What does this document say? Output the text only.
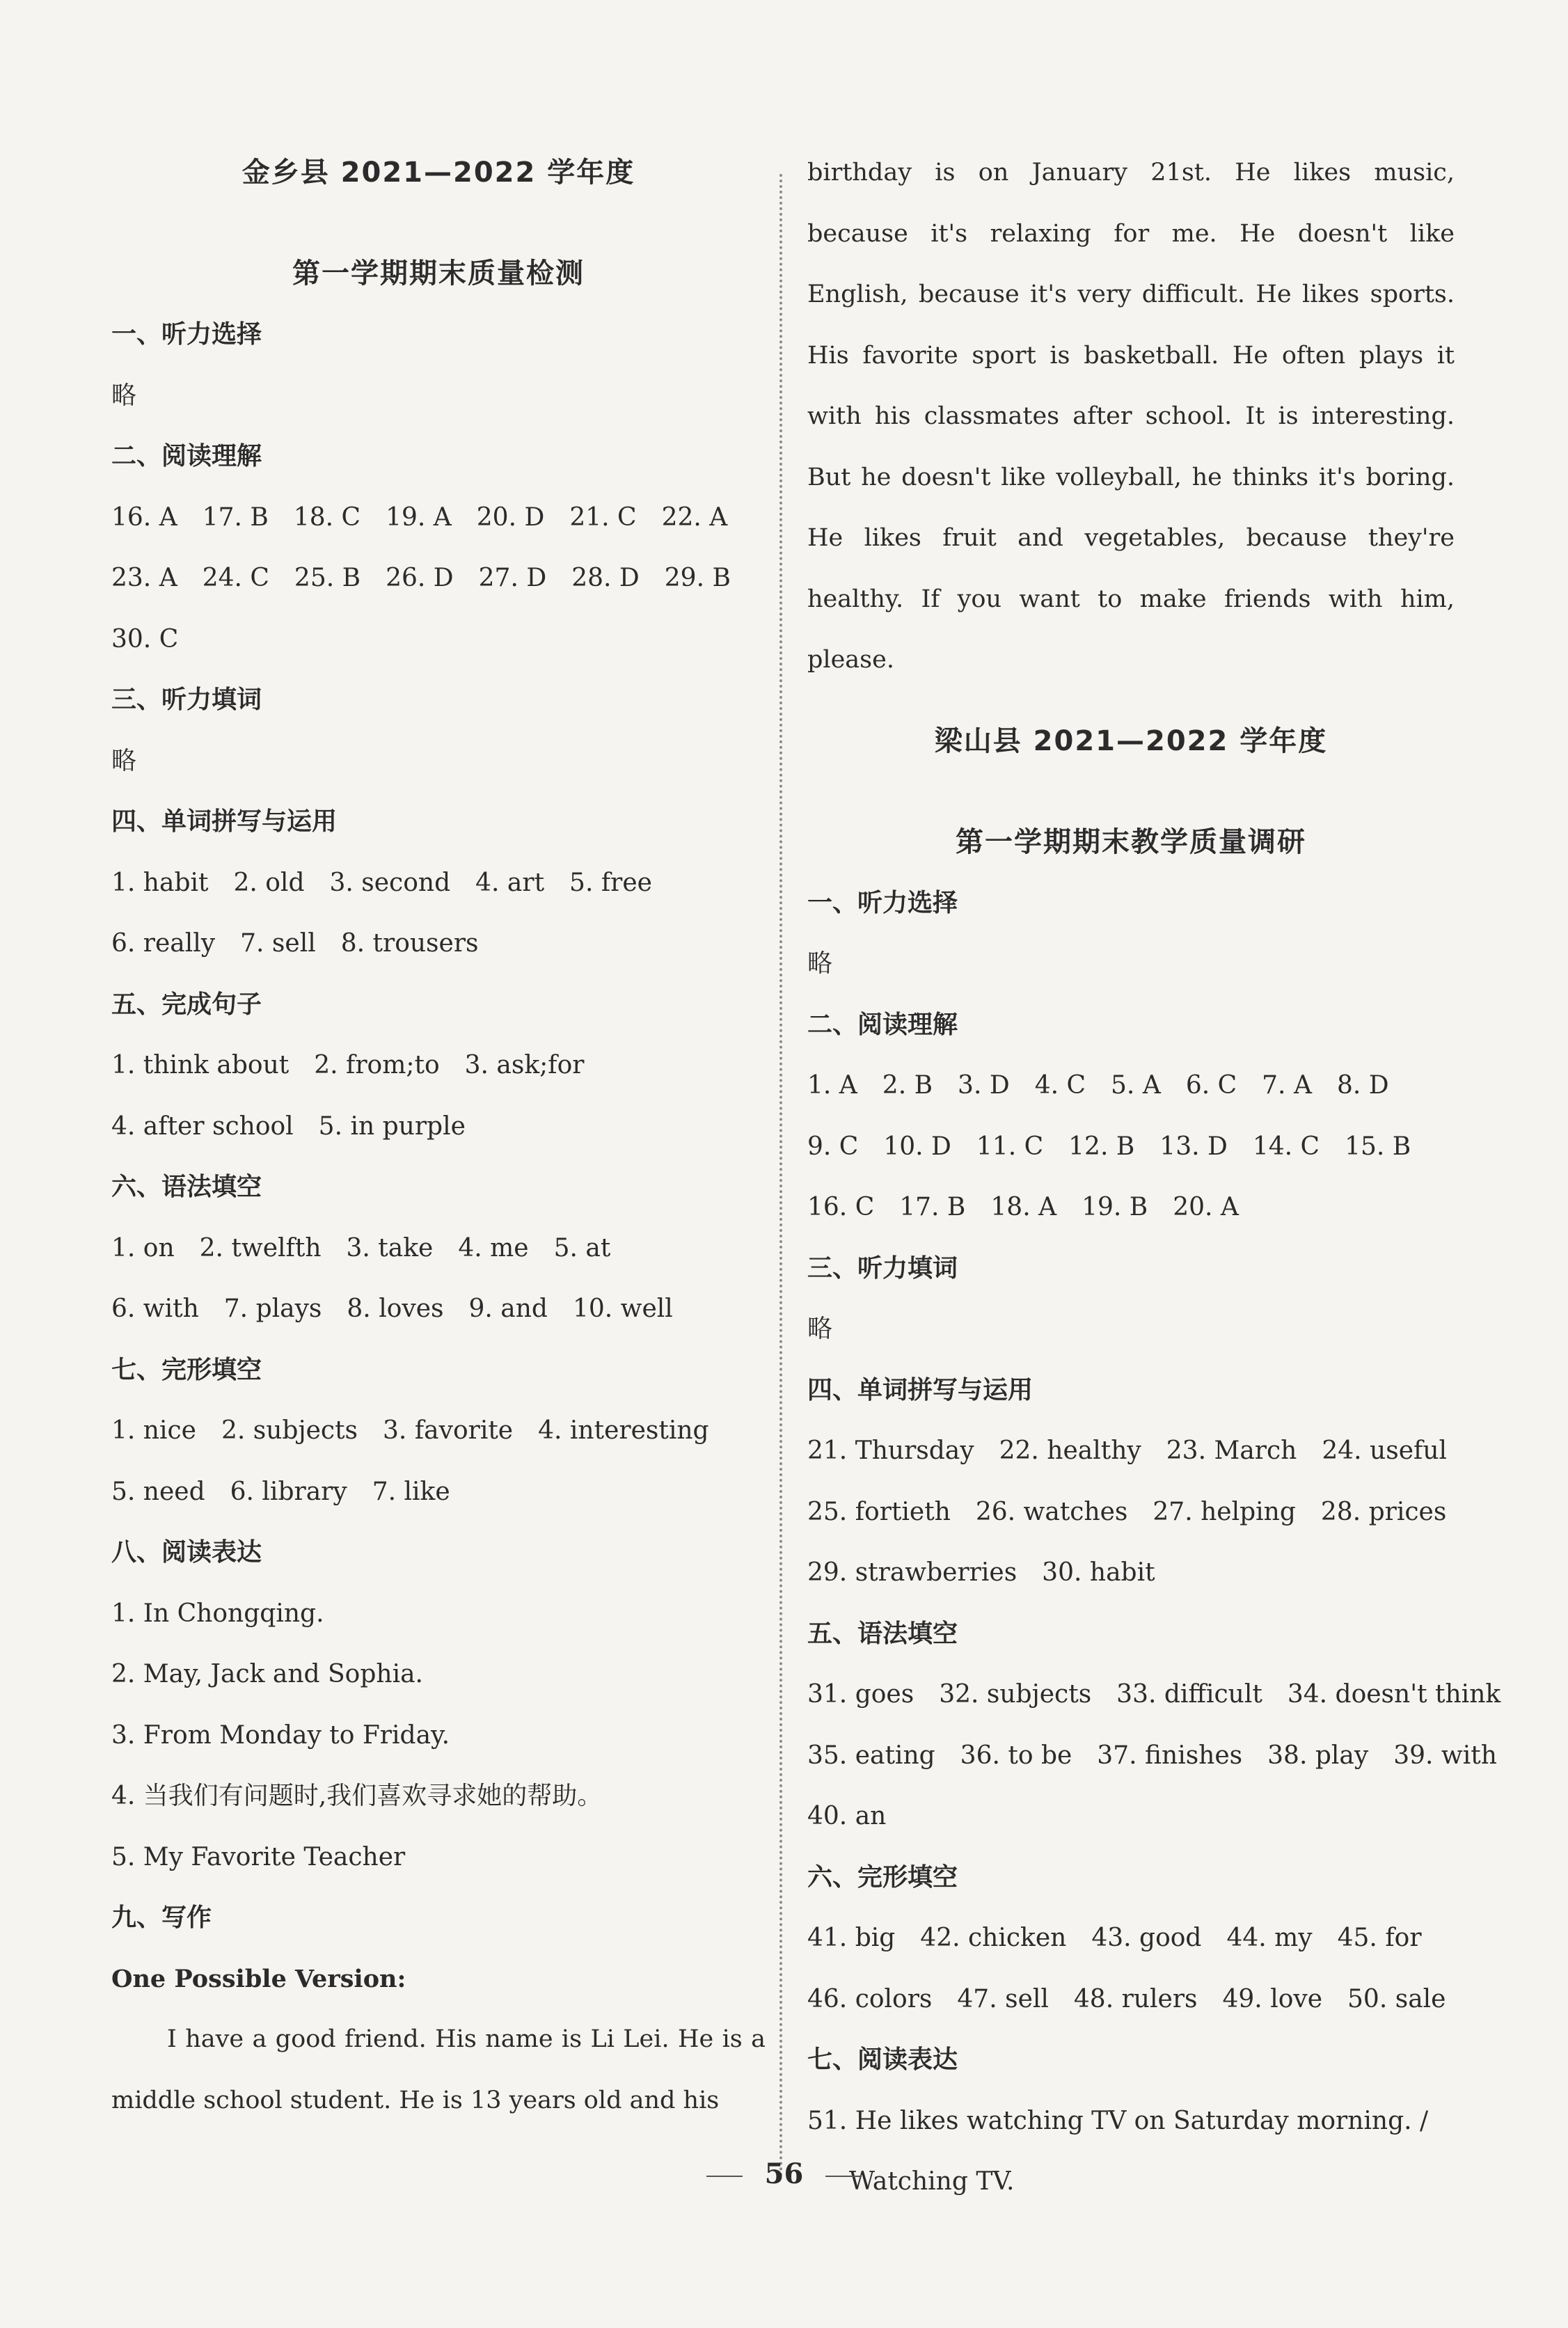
金乡县 2021—2022 学年度
第一学期期末质量检测
一、听力选择
略
二、阅读理解
16. A　17. B　18. C　19. A　20. D　21. C　22. A
23. A　24. C　25. B　26. D　27. D　28. D　29. B
30. C
三、听力填词
略
四、单词拼写与运用
1. habit　2. old　3. second　4. art　5. free
6. really　7. sell　8. trousers
五、完成句子
1. think about　2. from;to　3. ask;for
4. after school　5. in purple
六、语法填空
1. on　2. twelfth　3. take　4. me　5. at
6. with　7. plays　8. loves　9. and　10. well
七、完形填空
1. nice　2. subjects　3. favorite　4. interesting
5. need　6. library　7. like
八、阅读表达
1. In Chongqing.
2. May, Jack and Sophia.
3. From Monday to Friday.
4. 当我们有问题时,我们喜欢寻求她的帮助。
5. My Favorite Teacher
九、写作
One Possible Version:

I have a good friend. His name is Li Lei. He is a middle school student. He is 13 years old and his

birthday is on January 21st. He likes music, because it's relaxing for me. He doesn't like English, because it's very difficult. He likes sports. His favorite sport is basketball. He often plays it with his classmates after school. It is interesting. But he doesn't like volleyball, he thinks it's boring. He likes fruit and vegetables, because they're healthy. If you want to make friends with him, please.

梁山县 2021—2022 学年度
第一学期期末教学质量调研
一、听力选择
略
二、阅读理解
1. A　2. B　3. D　4. C　5. A　6. C　7. A　8. D
9. C　10. D　11. C　12. B　13. D　14. C　15. B
16. C　17. B　18. A　19. B　20. A
三、听力填词
略
四、单词拼写与运用
21. Thursday　22. healthy　23. March　24. useful
25. fortieth　26. watches　27. helping　28. prices
29. strawberries　30. habit
五、语法填空
31. goes　32. subjects　33. difficult　34. doesn't think
35. eating　36. to be　37. finishes　38. play　39. with
40. an
六、完形填空
41. big　42. chicken　43. good　44. my　45. for
46. colors　47. sell　48. rulers　49. love　50. sale
七、阅读表达
51. He likes watching TV on Saturday morning. /
Watching TV.
56
